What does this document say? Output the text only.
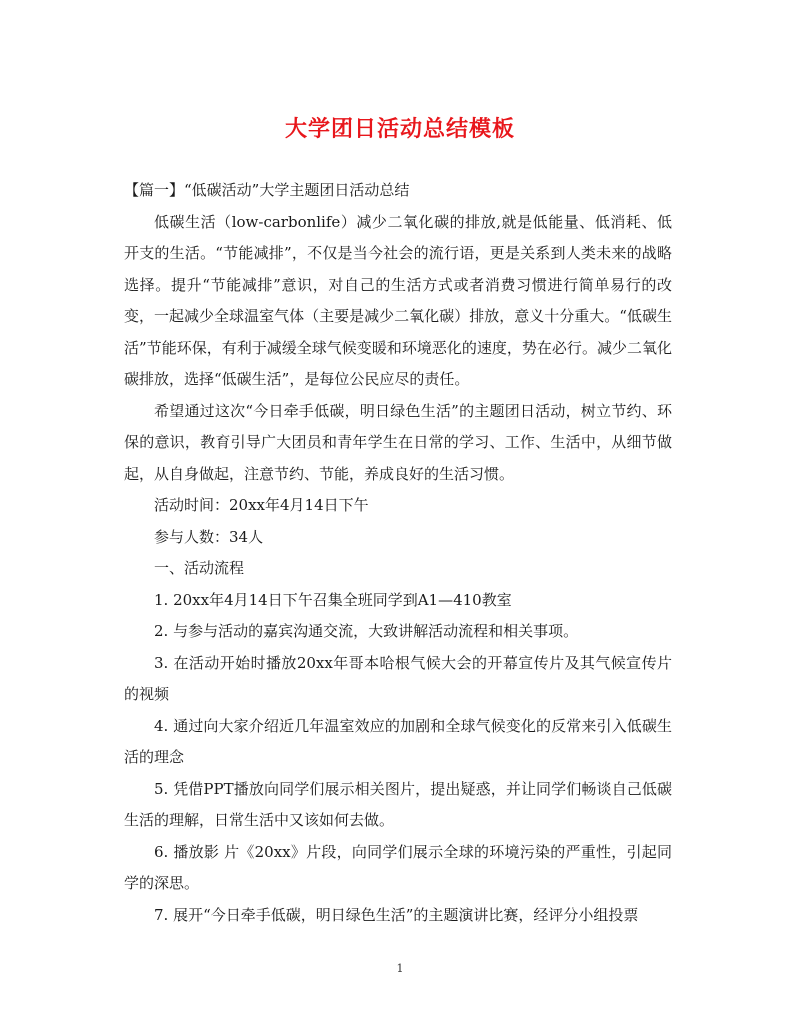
大学团日活动总结模板

【篇一】“低碳活动”大学主题团日活动总结

低碳生活（low-carbonlife）减少二氧化碳的排放,就是低能量、低消耗、低开支的生活。“节能减排”，不仅是当今社会的流行语，更是关系到人类未来的战略选择。提升“节能减排”意识，对自己的生活方式或者消费习惯进行简单易行的改变，一起减少全球温室气体（主要是减少二氧化碳）排放，意义十分重大。“低碳生活”节能环保，有利于减缓全球气候变暖和环境恶化的速度，势在必行。减少二氧化碳排放，选择“低碳生活”，是每位公民应尽的责任。

希望通过这次“今日牵手低碳，明日绿色生活”的主题团日活动，树立节约、环保的意识，教育引导广大团员和青年学生在日常的学习、工作、生活中，从细节做起，从自身做起，注意节约、节能，养成良好的生活习惯。

活动时间：20xx年4月14日下午

参与人数：34人

一、活动流程

1. 20xx年4月14日下午召集全班同学到A1—410教室

2. 与参与活动的嘉宾沟通交流，大致讲解活动流程和相关事项。

3. 在活动开始时播放20xx年哥本哈根气候大会的开幕宣传片及其气候宣传片的视频

4. 通过向大家介绍近几年温室效应的加剧和全球气候变化的反常来引入低碳生活的理念

5. 凭借PPT播放向同学们展示相关图片，提出疑惑，并让同学们畅谈自己低碳生活的理解，日常生活中又该如何去做。

6. 播放影 片《20xx》片段，向同学们展示全球的环境污染的严重性，引起同学的深思。

7. 展开“今日牵手低碳，明日绿色生活”的主题演讲比赛，经评分小组投票

1
